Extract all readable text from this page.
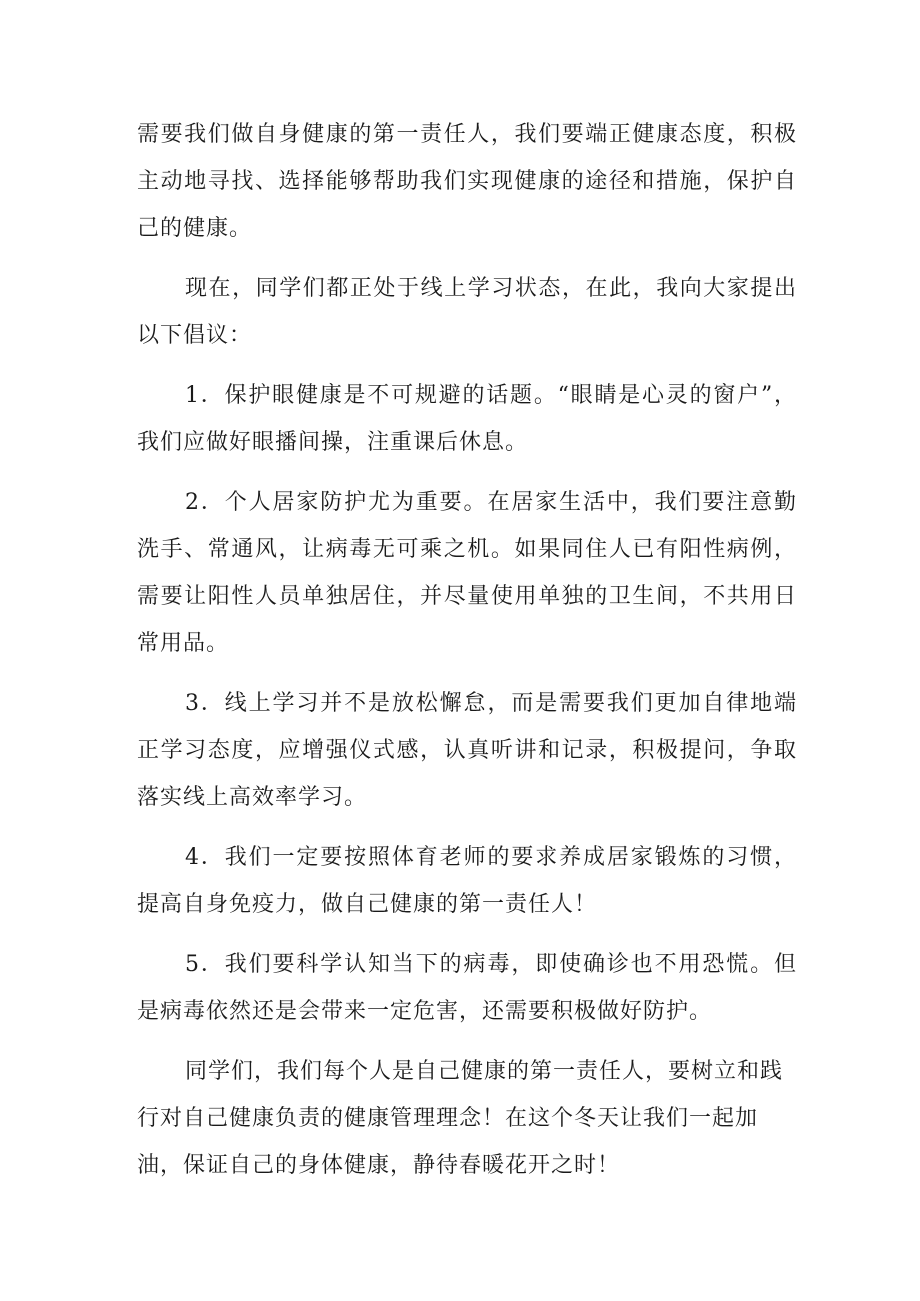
需要我们做自身健康的第一责任人，我们要端正健康态度，积极主动地寻找、选择能够帮助我们实现健康的途径和措施，保护自己的健康。

现在，同学们都正处于线上学习状态，在此，我向大家提出以下倡议：

1．保护眼健康是不可规避的话题。“眼睛是心灵的窗户”，我们应做好眼播间操，注重课后休息。

2．个人居家防护尤为重要。在居家生活中，我们要注意勤洗手、常通风，让病毒无可乘之机。如果同住人已有阳性病例，需要让阳性人员单独居住，并尽量使用单独的卫生间，不共用日常用品。

3．线上学习并不是放松懈怠，而是需要我们更加自律地端正学习态度，应增强仪式感，认真听讲和记录，积极提问，争取落实线上高效率学习。

4．我们一定要按照体育老师的要求养成居家锻炼的习惯，提高自身免疫力，做自己健康的第一责任人！

5．我们要科学认知当下的病毒，即使确诊也不用恐慌。但是病毒依然还是会带来一定危害，还需要积极做好防护。

同学们，我们每个人是自己健康的第一责任人，要树立和践行对自己健康负责的健康管理理念！在这个冬天让我们一起加油，保证自己的身体健康，静待春暖花开之时！
